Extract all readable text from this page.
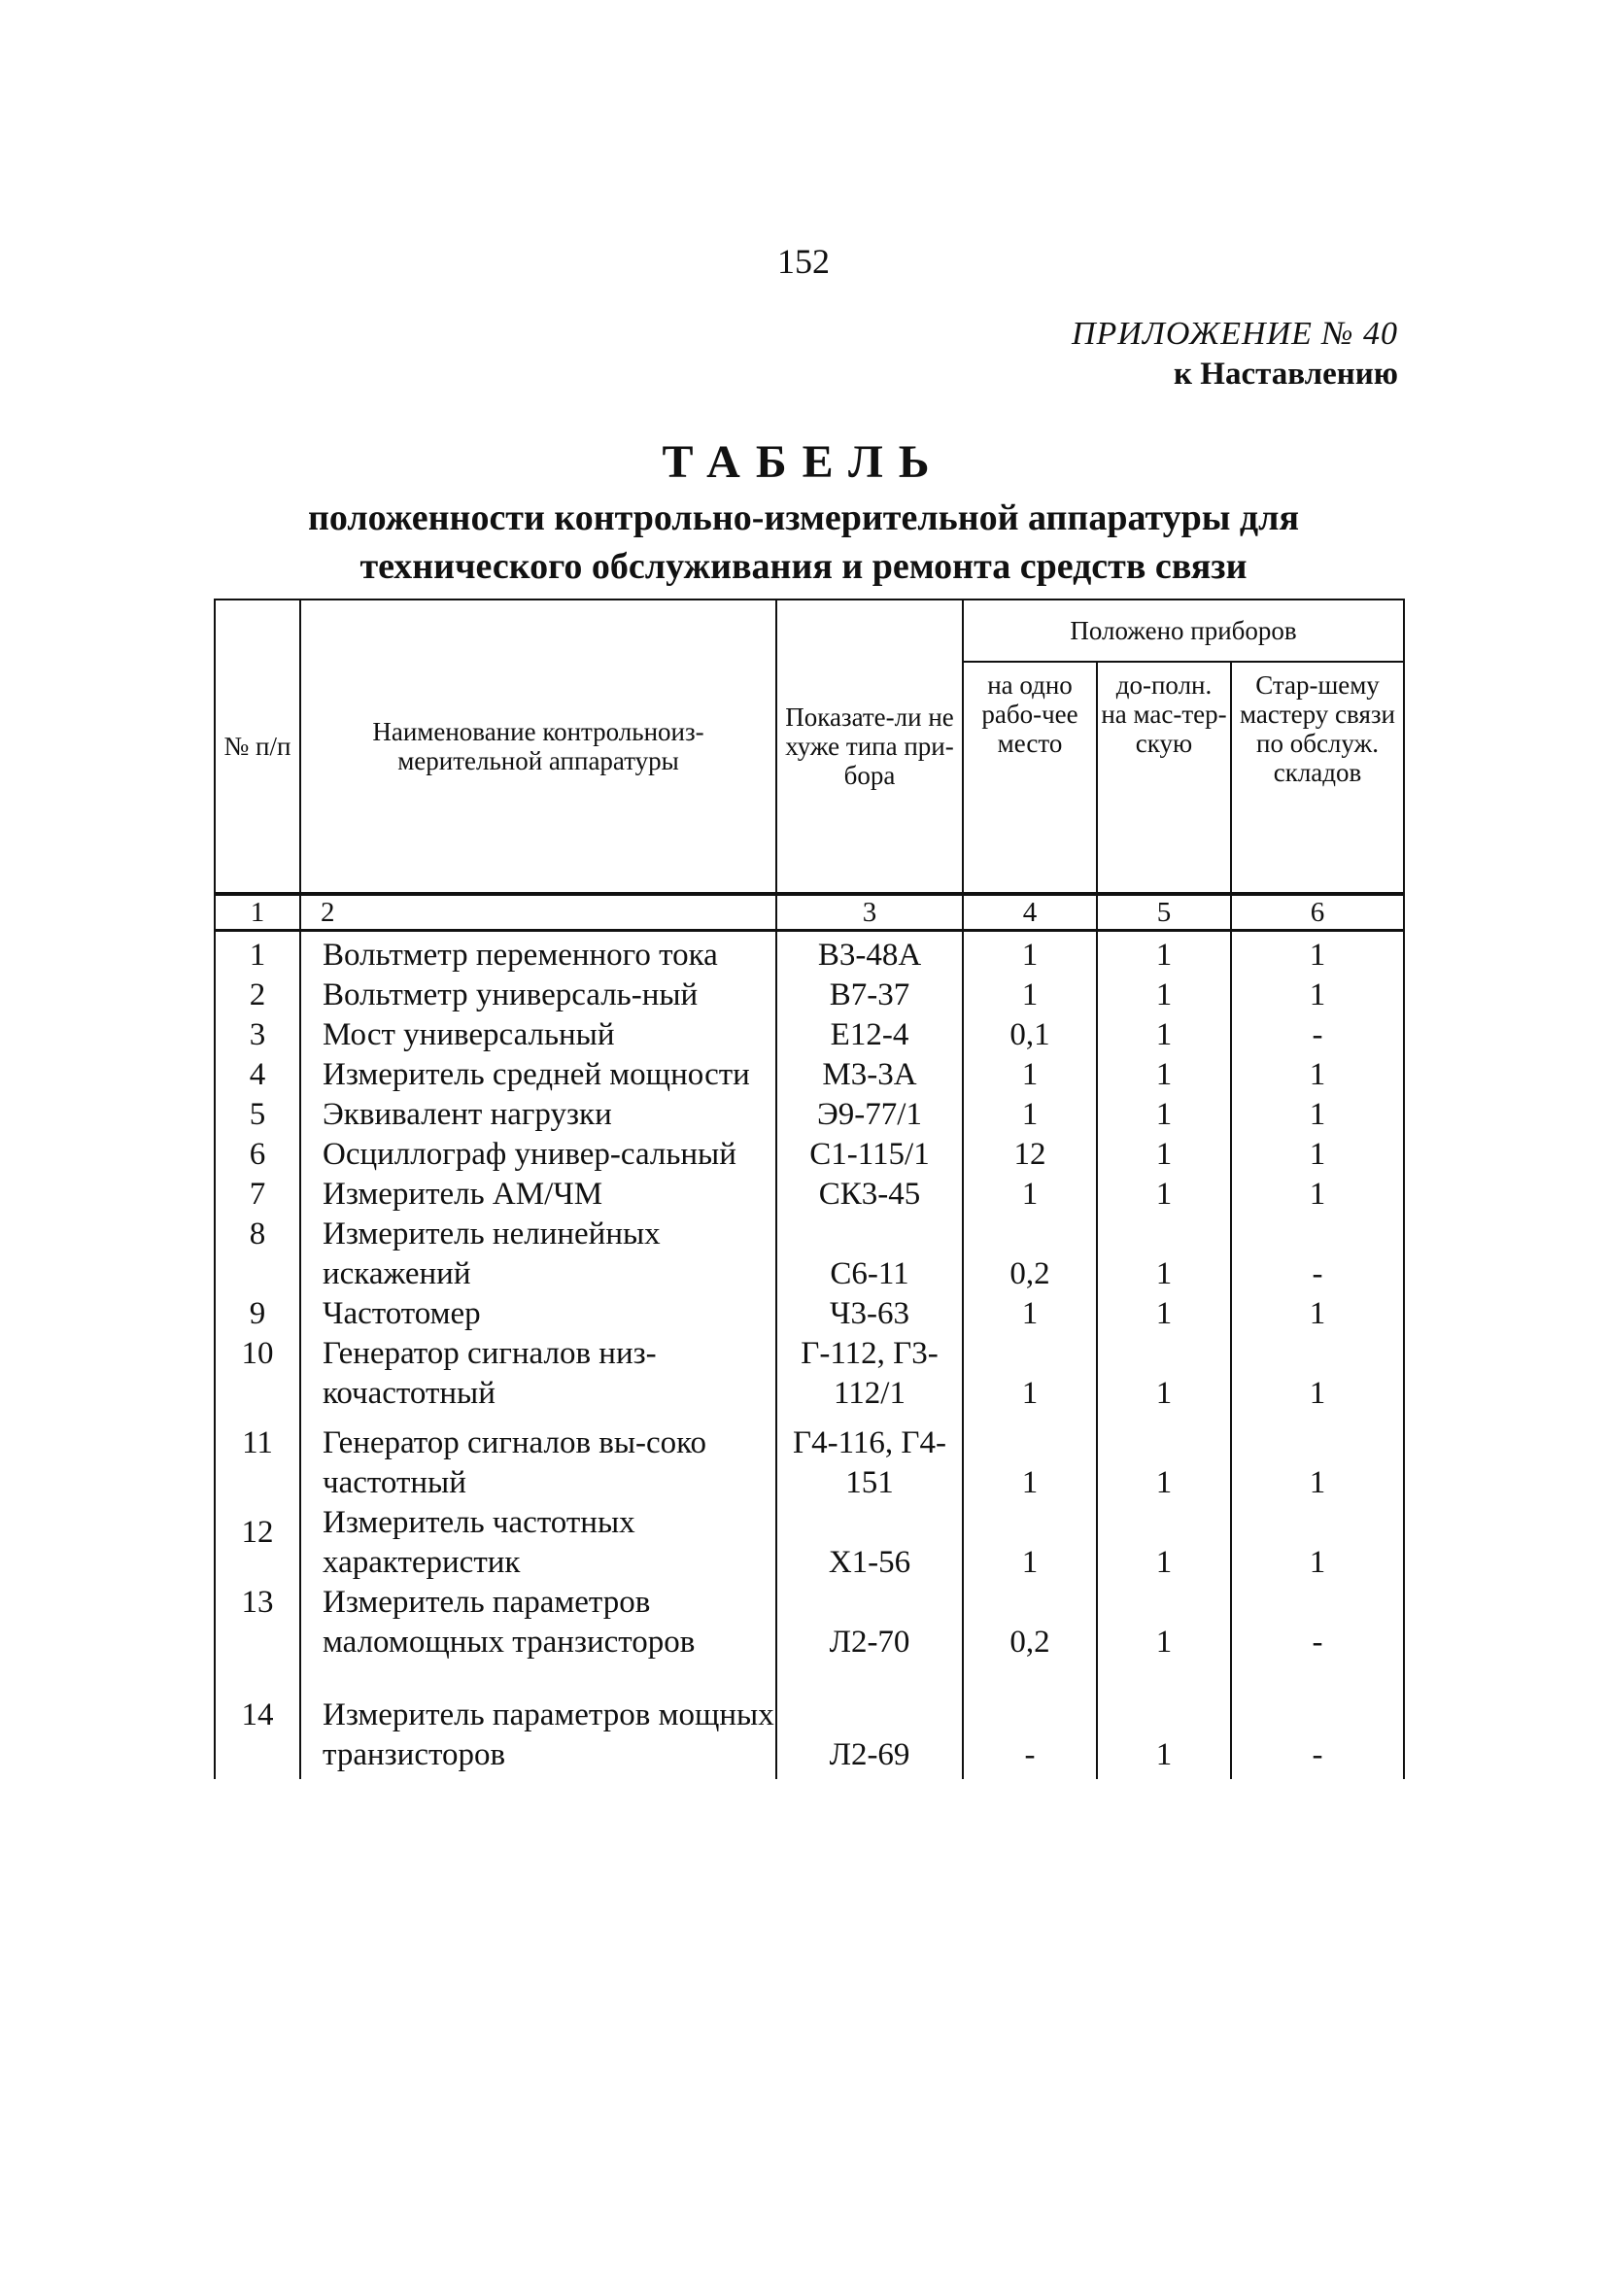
152
ПРИЛОЖЕНИЕ № 40
к Наставлению
ТАБЕЛЬ
положенности контрольно-измерительной аппаратуры для
технического обслуживания и ремонта средств связи
№ п/п	Наименование контрольноиз-мерительной аппаратуры	Показате-ли не хуже типа при-бора	Положено приборов		
			на одно рабо-чее место	до-полн. на мас-тер-скую	Стар-шему мастеру связи по обслуж. складов
1	2	3	4	5	6
1	Вольтметр переменного тока	В3-48А	1	1	1
2	Вольтметр универсаль-ный	В7-37	1	1	1
3	Мост универсальный	Е12-4	0,1	1	-
4	Измеритель средней мощности	М3-3А	1	1	1
5	Эквивалент нагрузки	Э9-77/1	1	1	1
6	Осциллограф универ-сальный	С1-115/1	12	1	1
7	Измеритель АМ/ЧМ	СК3-45	1	1	1
8	Измеритель нелинейных искажений	С6-11	0,2	1	-
9	Частотомер	Ч3-63	1	1	1
10	Генератор сигналов низ-кочастотный	Г-112, Г3-112/1	1	1	1
11	Генератор сигналов вы-соко частотный	Г4-116, Г4-151	1	1	1
12	Измеритель частотных характеристик	Х1-56	1	1	1
13	Измеритель параметров маломощных транзисторов	Л2-70	0,2	1	-
14	Измеритель параметров мощных транзисторов	Л2-69	-	1	-
